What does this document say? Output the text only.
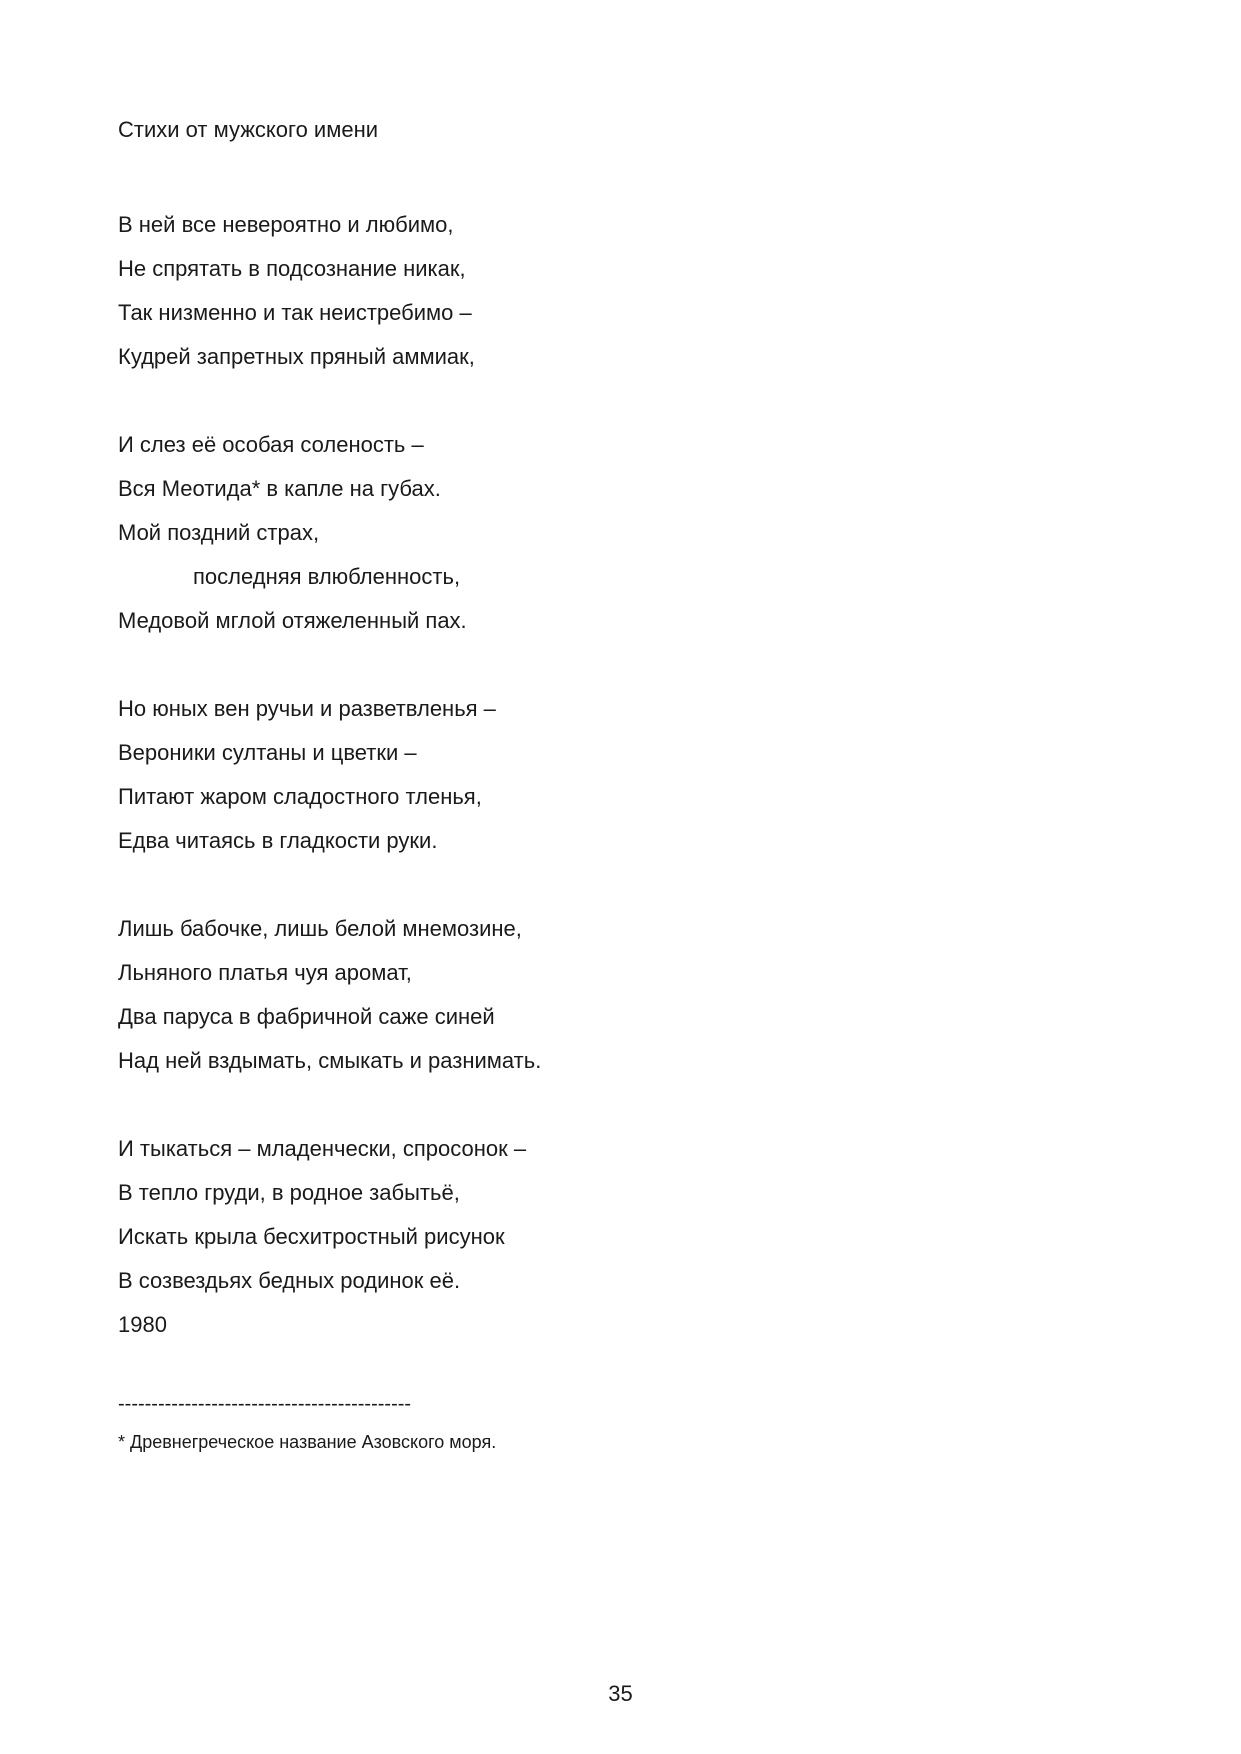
Стихи от мужского имени
В ней все невероятно и любимо,
Не спрятать в подсознание никак,
Так низменно и так неистребимо –
Кудрей запретных пряный аммиак,
И слез её особая соленость –
Вся Меотида* в капле на губах.
Мой поздний страх,
последняя влюбленность,
Медовой мглой отяжеленный пах.
Но юных вен ручьи и разветвленья –
Вероники султаны и цветки –
Питают жаром сладостного тленья,
Едва читаясь в гладкости руки.
Лишь бабочке, лишь белой мнемозине,
Льняного платья чуя аромат,
Два паруса в фабричной саже синей
Над ней вздымать, смыкать и разнимать.
И тыкаться – младенчески, спросонок –
В тепло груди, в родное забытьё,
Искать крыла бесхитростный рисунок
В созвездьях бедных родинок её.
1980
--------------------------------------------
* Древнегреческое название Азовского моря.
35
